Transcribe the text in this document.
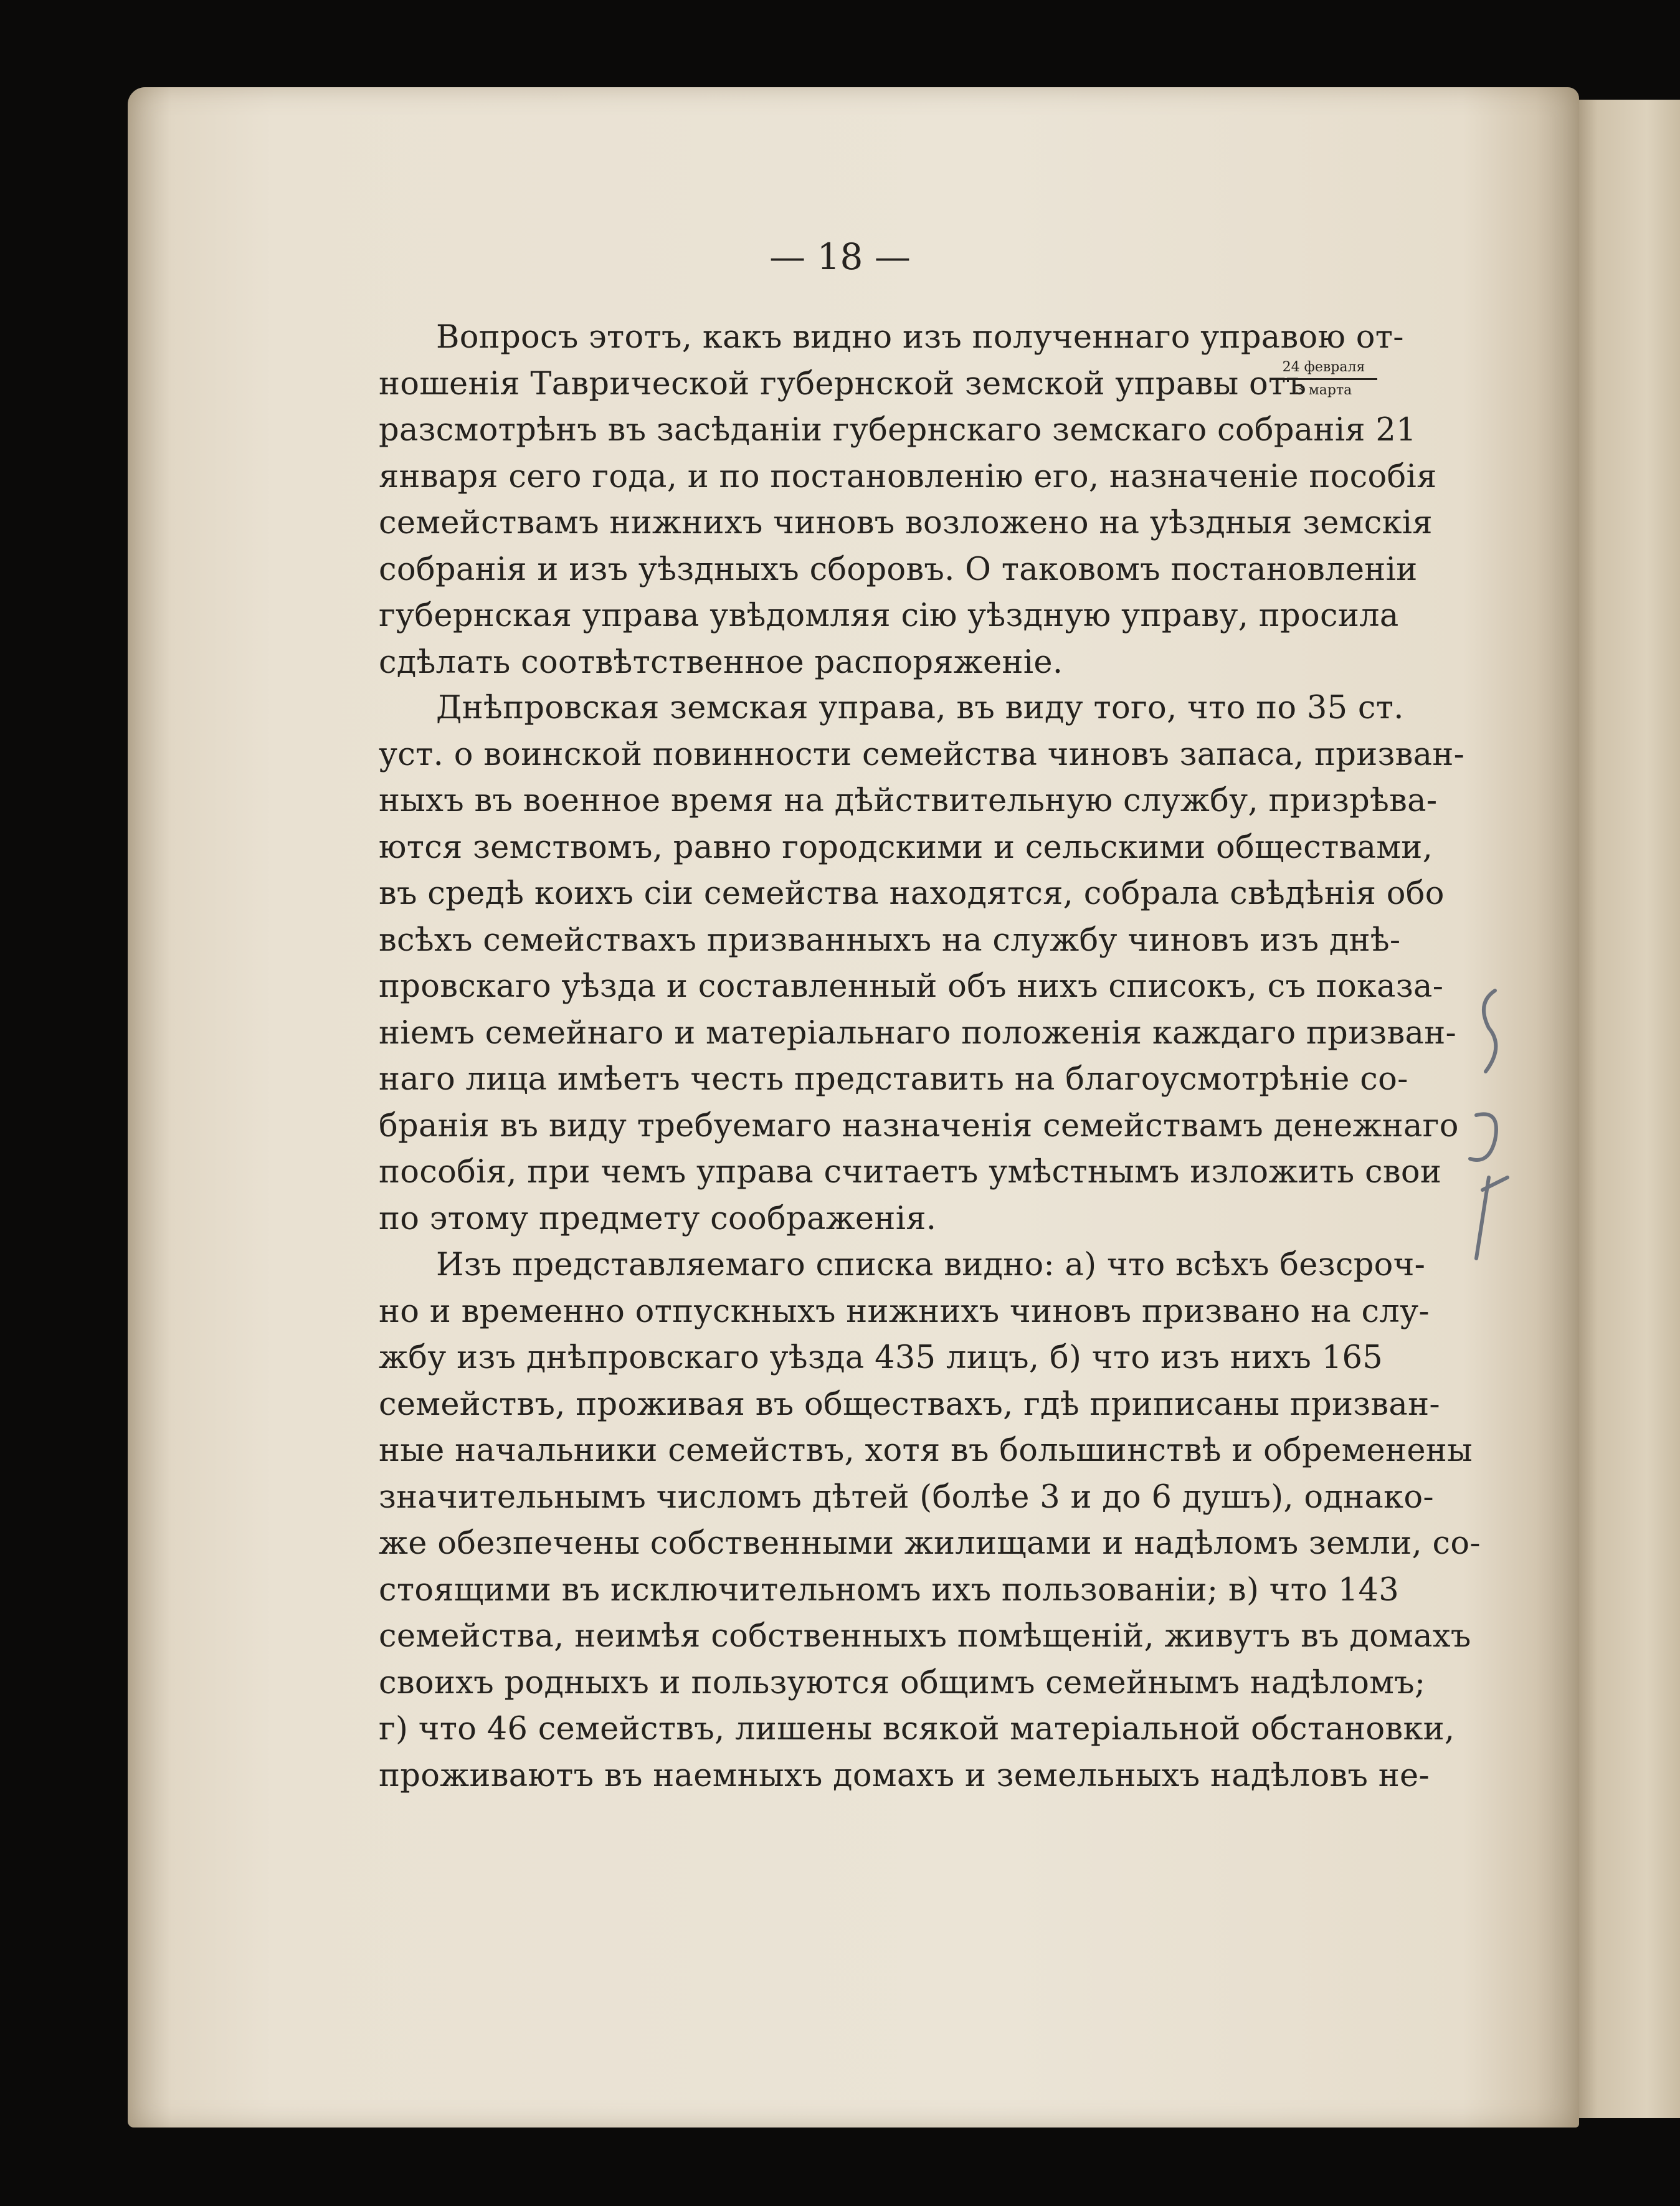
— 18 —
24 февраля
3 марта
Вопросъ этотъ, какъ видно изъ полученнаго управою от-
ношенія Таврической губернской земской управы отъ
разсмотрѣнъ въ засѣданіи губернскаго земскаго собранія 21
января сего года, и по постановленію его, назначеніе пособія
семействамъ нижнихъ чиновъ возложено на уѣздныя земскія
собранія и изъ уѣздныхъ сборовъ. О таковомъ постановленіи
губернская управа увѣдомляя сію уѣздную управу, просила
сдѣлать соотвѣтственное распоряженіе.
Днѣпровская земская управа, въ виду того, что по 35 ст.
уст. о воинской повинности семейства чиновъ запаса, призван-
ныхъ въ военное время на дѣйствительную службу, призрѣва-
ются земствомъ, равно городскими и сельскими обществами,
въ средѣ коихъ сіи семейства находятся, собрала свѣдѣнія обо
всѣхъ семействахъ призванныхъ на службу чиновъ изъ днѣ-
провскаго уѣзда и составленный объ нихъ списокъ, съ показа-
ніемъ семейнаго и матеріальнаго положенія каждаго призван-
наго лица имѣетъ честь представить на благоусмотрѣніе со-
бранія въ виду требуемаго назначенія семействамъ денежнаго
пособія, при чемъ управа считаетъ умѣстнымъ изложить свои
по этому предмету соображенія.
Изъ представляемаго списка видно: а) что всѣхъ безсроч-
но и временно отпускныхъ нижнихъ чиновъ призвано на слу-
жбу изъ днѣпровскаго уѣзда 435 лицъ, б) что изъ нихъ 165
семействъ, проживая въ обществахъ, гдѣ приписаны призван-
ные начальники семействъ, хотя въ большинствѣ и обременены
значительнымъ числомъ дѣтей (болѣе 3 и до 6 душъ), однако-
же обезпечены собственными жилищами и надѣломъ земли, со-
стоящими въ исключительномъ ихъ пользованіи; в) что 143
семейства, неимѣя собственныхъ помѣщеній, живутъ въ домахъ
своихъ родныхъ и пользуются общимъ семейнымъ надѣломъ;
г) что 46 семействъ, лишены всякой матеріальной обстановки,
проживаютъ въ наемныхъ домахъ и земельныхъ надѣловъ не-
